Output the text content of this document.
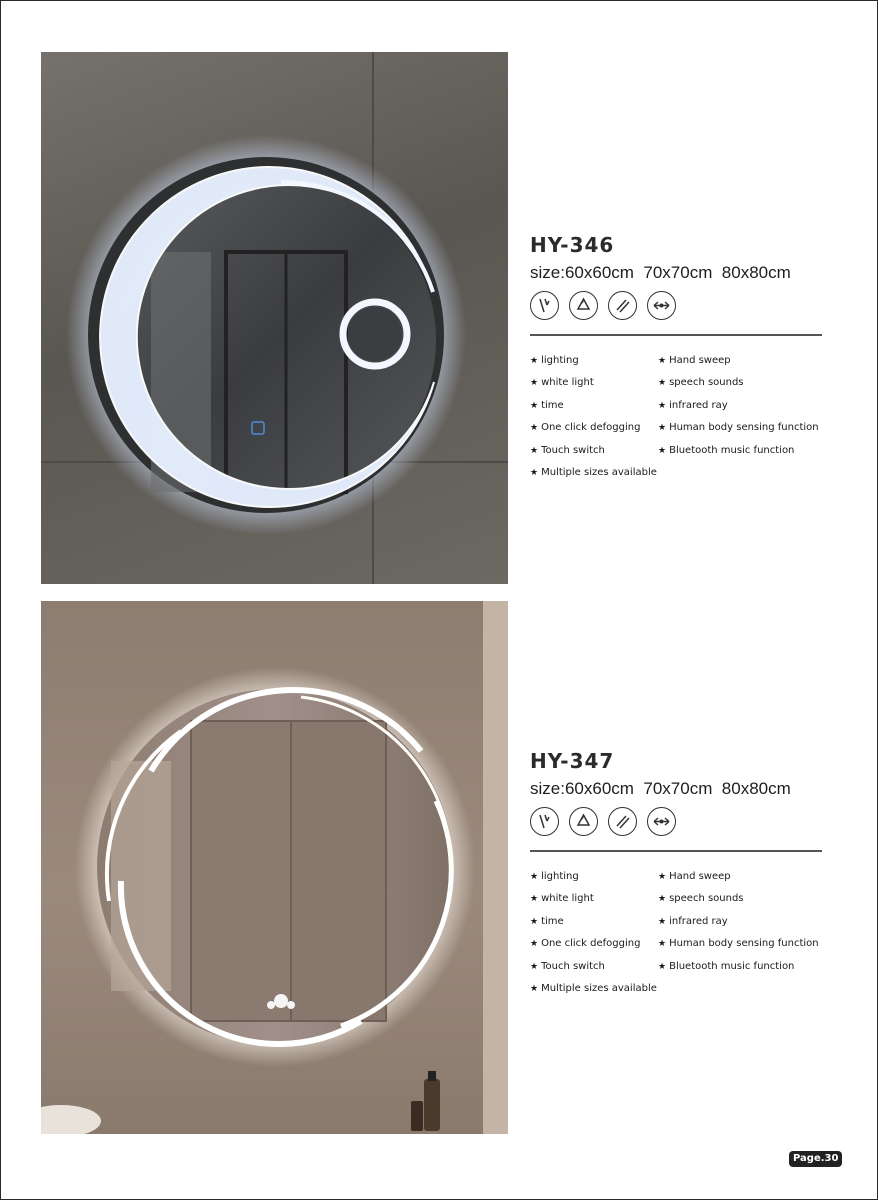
HY-346
size:60x60cm  70x70cm  80x80cm
★ lighting	★ Hand sweep
★ white light	★ speech sounds
★ time	★ infrared ray
★ One click defogging	★ Human body sensing function
★ Touch switch	★ Bluetooth music function
★ Multiple sizes available
HY-347
size:60x60cm  70x70cm  80x80cm
★ lighting	★ Hand sweep
★ white light	★ speech sounds
★ time	★ infrared ray
★ One click defogging	★ Human body sensing function
★ Touch switch	★ Bluetooth music function
★ Multiple sizes available
Page.30
